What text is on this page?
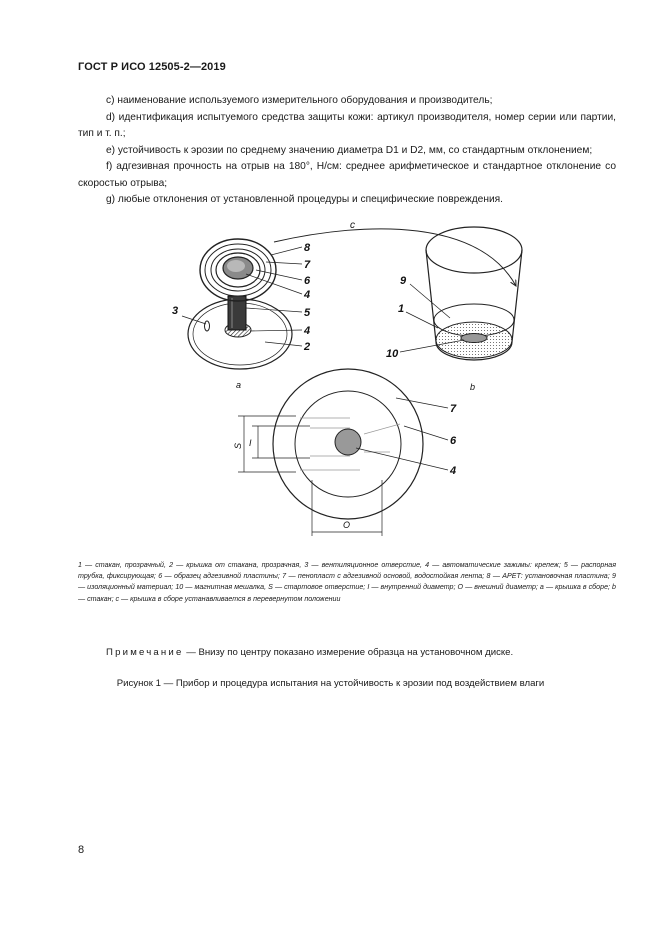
ГОСТ Р ИСО 12505-2—2019

с) наименование используемого измерительного оборудования и производитель;

d) идентификация испытуемого средства защиты кожи: артикул производителя, номер серии или партии, тип и т. п.;

е) устойчивость к эрозии по среднему значению диаметра D1 и D2, мм, со стандартным отклонением;

f) адгезивная прочность на отрыв на 180°, Н/см: среднее арифметическое и стандартное отклонение со скоростью отрыва;

g) любые отклонения от установленной процедуры и специфические повреждения.

8
7
6
4
5
4
2
3
a
c
9
1
10
b
7
6
4
S I
O
1 — стакан, прозрачный, 2 — крышка от стакана, прозрачная, 3 — вентиляционное отверстие, 4 — автоматические зажимы: крепеж; 5 — распорная трубка, фиксирующая; 6 — образец адгезивной пластины; 7 — пенопласт с адгезивной основой, водостойкая лента; 8 — АРЕТ: установочная пластина; 9 — изоляционный материал; 10 — магнитная мешалка, S — стартовое отверстие; I — внутренний диаметр; О — внешний диаметр; а — крышка в сборе; b — стакан; с — крышка в сборе устанавливается в перевернутом положении
Примечание — Внизу по центру показано измерение образца на установочном диске.
Рисунок 1 — Прибор и процедура испытания на устойчивость к эрозии под воздействием влаги
8
